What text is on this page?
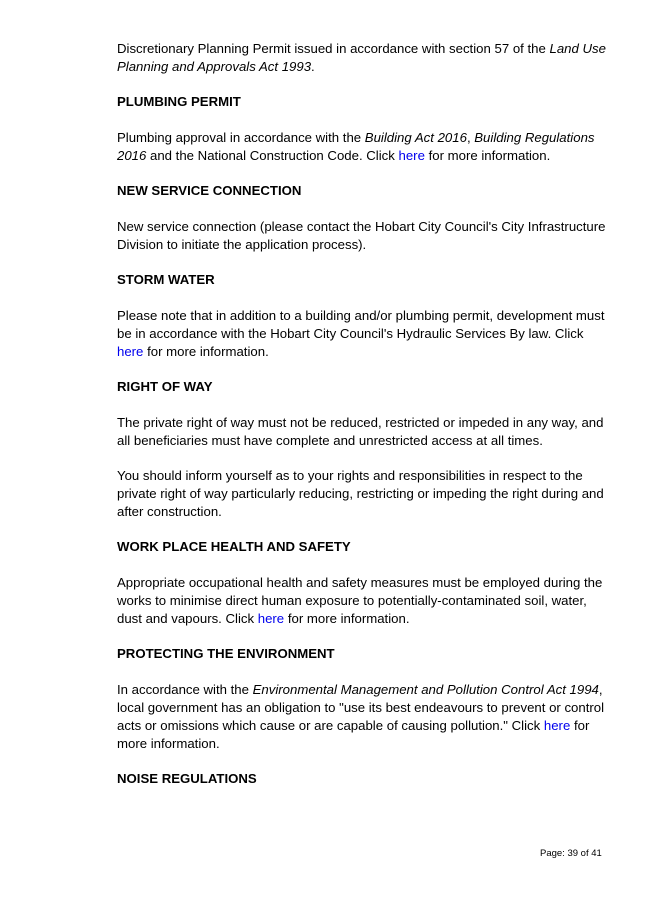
Discretionary Planning Permit issued in accordance with section 57 of the Land Use Planning and Approvals Act 1993.

PLUMBING PERMIT

Plumbing approval in accordance with the Building Act 2016, Building Regulations 2016 and the National Construction Code. Click here for more information.

NEW SERVICE CONNECTION

New service connection (please contact the Hobart City Council's City Infrastructure Division to initiate the application process).

STORM WATER

Please note that in addition to a building and/or plumbing permit, development must be in accordance with the Hobart City Council's Hydraulic Services By law. Click here for more information.

RIGHT OF WAY

The private right of way must not be reduced, restricted or impeded in any way, and all beneficiaries must have complete and unrestricted access at all times.

You should inform yourself as to your rights and responsibilities in respect to the private right of way particularly reducing, restricting or impeding the right during and after construction.

WORK PLACE HEALTH AND SAFETY

Appropriate occupational health and safety measures must be employed during the works to minimise direct human exposure to potentially-contaminated soil, water, dust and vapours. Click here for more information.

PROTECTING THE ENVIRONMENT

In accordance with the Environmental Management and Pollution Control Act 1994, local government has an obligation to "use its best endeavours to prevent or control acts or omissions which cause or are capable of causing pollution." Click here for more information.

NOISE REGULATIONS
Page: 39 of 41
